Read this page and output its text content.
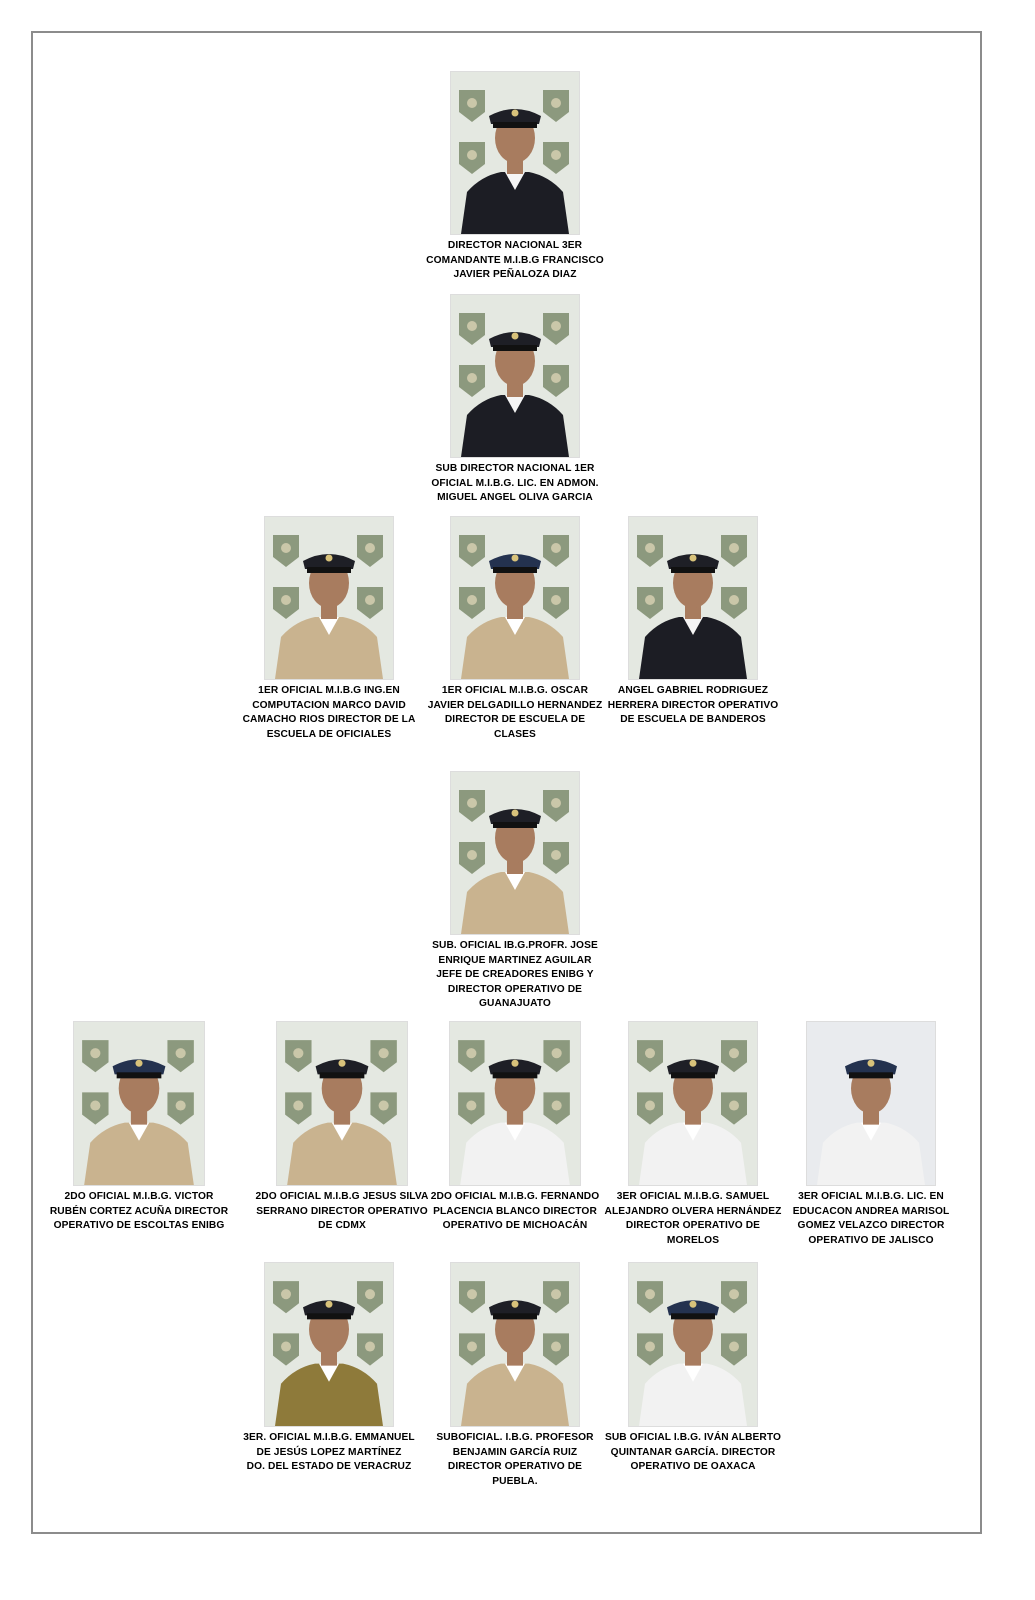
DIRECTOR NACIONAL 3ER COMANDANTE M.I.B.G FRANCISCO JAVIER PEÑALOZA DIAZ
SUB DIRECTOR NACIONAL 1ER OFICIAL M.I.B.G. LIC. EN ADMON. MIGUEL ANGEL OLIVA GARCIA
1ER OFICIAL M.I.B.G ING.EN COMPUTACION MARCO DAVID CAMACHO RIOS DIRECTOR DE LA ESCUELA DE OFICIALES
1ER OFICIAL M.I.B.G. OSCAR JAVIER DELGADILLO HERNANDEZ DIRECTOR DE ESCUELA DE CLASES
ANGEL GABRIEL RODRIGUEZ HERRERA DIRECTOR OPERATIVO DE ESCUELA DE BANDEROS
SUB. OFICIAL IB.G.PROFR. JOSE ENRIQUE MARTINEZ AGUILAR JEFE DE CREADORES ENIBG Y DIRECTOR OPERATIVO DE GUANAJUATO
2DO OFICIAL M.I.B.G. VICTOR RUBÉN CORTEZ ACUÑA DIRECTOR OPERATIVO DE ESCOLTAS ENIBG
2DO OFICIAL M.I.B.G JESUS SILVA SERRANO DIRECTOR OPERATIVO DE CDMX
2DO OFICIAL M.I.B.G. FERNANDO PLACENCIA BLANCO DIRECTOR OPERATIVO DE MICHOACÁN
3ER OFICIAL M.I.B.G. SAMUEL ALEJANDRO OLVERA HERNÁNDEZ DIRECTOR OPERATIVO DE MORELOS
3ER OFICIAL M.I.B.G. LIC. EN EDUCACON ANDREA MARISOL GOMEZ VELAZCO DIRECTOR OPERATIVO DE JALISCO
3ER. OFICIAL M.I.B.G. EMMANUEL DE JESÚS LOPEZ MARTÍNEZ
DO. DEL ESTADO DE VERACRUZ
SUBOFICIAL. I.B.G. PROFESOR BENJAMIN GARCÍA RUIZ DIRECTOR OPERATIVO DE PUEBLA.
SUB OFICIAL I.B.G. IVÁN ALBERTO QUINTANAR GARCÍA. DIRECTOR OPERATIVO DE OAXACA
